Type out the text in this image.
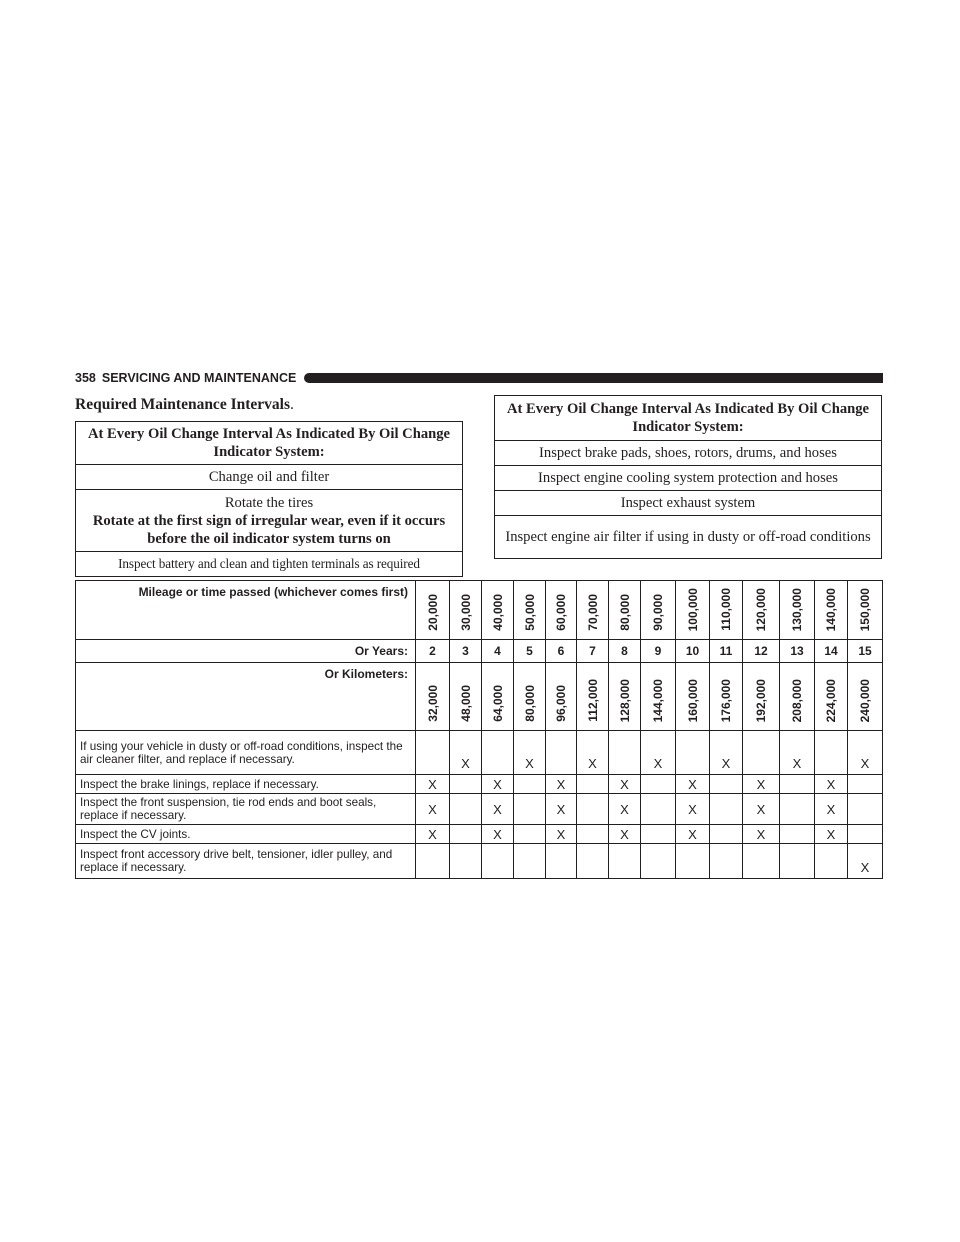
358 SERVICING AND MAINTENANCE
Required Maintenance Intervals.
At Every Oil Change Interval As Indicated By Oil Change Indicator System:
Change oil and filter

Rotate the tires
Rotate at the first sign of irregular wear, even if it occurs before the oil indicator system turns on

Inspect battery and clean and tighten terminals as required
At Every Oil Change Interval As Indicated By Oil Change Indicator System:
Inspect brake pads, shoes, rotors, drums, and hoses
Inspect engine cooling system protection and hoses
Inspect exhaust system
Inspect engine air filter if using in dusty or off-road conditions
Mileage or time passed (whichever comes first)	20,000	30,000	40,000	50,000	60,000	70,000	80,000	90,000	100,000	110,000	120,000	130,000	140,000	150,000
Or Years:	2	3	4	5	6	7	8	9	10	11	12	13	14	15
Or Kilometers:	32,000	48,000	64,000	80,000	96,000	112,000	128,000	144,000	160,000	176,000	192,000	208,000	224,000	240,000
If using your vehicle in dusty or off-road conditions, inspect the air cleaner filter, and replace if necessary.		X		X		X		X		X		X		X
Inspect the brake linings, replace if necessary.	X		X		X		X		X		X		X	
Inspect the front suspension, tie rod ends and boot seals, replace if necessary.	X		X		X		X		X		X		X	
Inspect the CV joints.	X		X		X		X		X		X		X	
Inspect front accessory drive belt, tensioner, idler pulley, and replace if necessary.														X
